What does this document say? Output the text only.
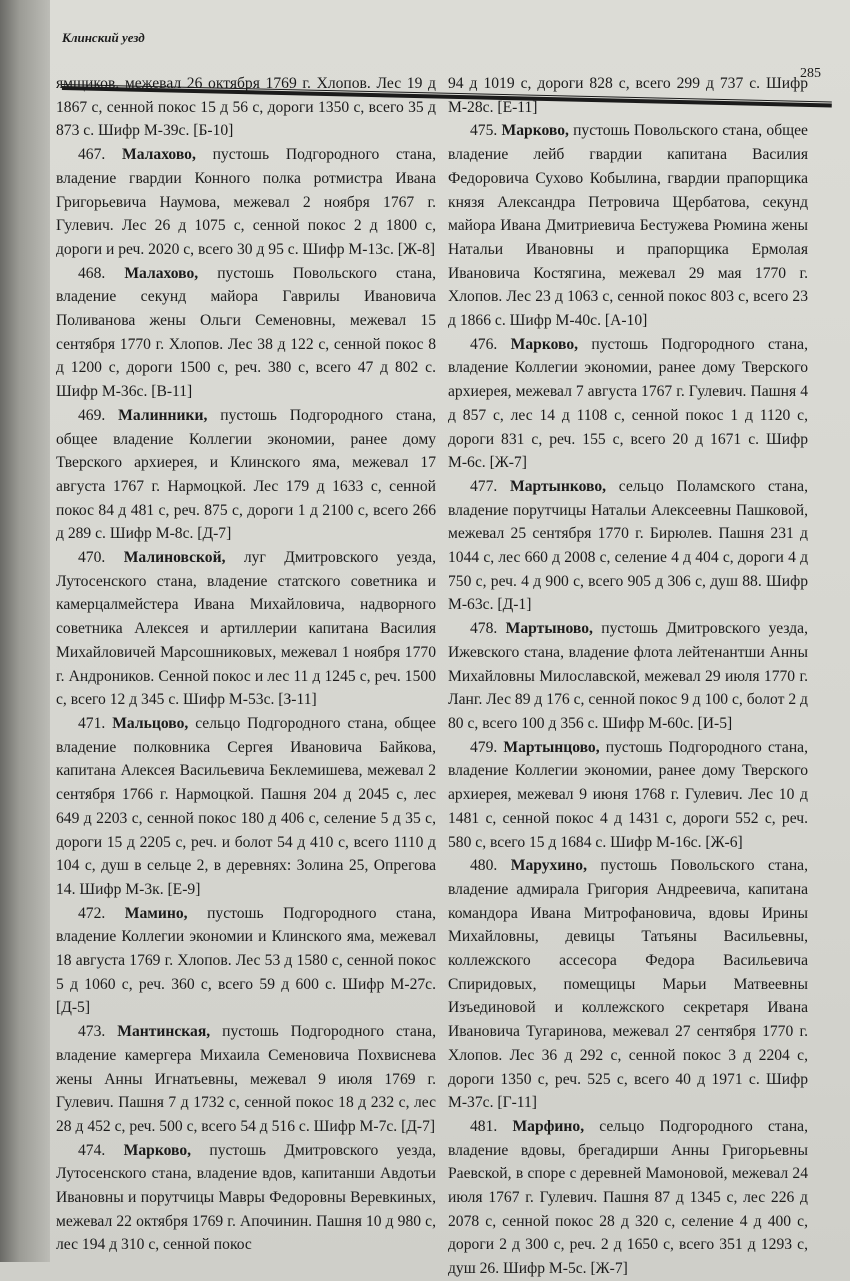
Клинский уезд
285

ямщиков, межевал 26 октября 1769 г. Хлопов. Лес 19 д 1867 с, сенной покос 15 д 56 с, дороги 1350 с, всего 35 д 873 с. Шифр М-39с. [Б-10]

467. Малахово, пустошь Подгородного стана, владение гвардии Конного полка ротмистра Ивана Григорьевича Наумова, межевал 2 ноября 1767 г. Гулевич. Лес 26 д 1075 с, сенной покос 2 д 1800 с, дороги и реч. 2020 с, всего 30 д 95 с. Шифр М-13с. [Ж-8]

468. Малахово, пустошь Повольского стана, владение секунд майора Гаврилы Ивановича Поливанова жены Ольги Семеновны, межевал 15 сентября 1770 г. Хлопов. Лес 38 д 122 с, сенной покос 8 д 1200 с, дороги 1500 с, реч. 380 с, всего 47 д 802 с. Шифр М-36с. [В-11]

469. Малинники, пустошь Подгородного стана, общее владение Коллегии экономии, ранее дому Тверского архиерея, и Клинского яма, межевал 17 августа 1767 г. Нармоцкой. Лес 179 д 1633 с, сенной покос 84 д 481 с, реч. 875 с, дороги 1 д 2100 с, всего 266 д 289 с. Шифр М-8с. [Д-7]

470. Малиновской, луг Дмитровского уезда, Лутосенского стана, владение статского советника и камерцалмейстера Ивана Михайловича, надворного советника Алексея и артиллерии капитана Василия Михайловичей Марсошниковых, межевал 1 ноября 1770 г. Андроников. Сенной покос и лес 11 д 1245 с, реч. 1500 с, всего 12 д 345 с. Шифр М-53с. [З-11]

471. Мальцово, сельцо Подгородного стана, общее владение полковника Сергея Ивановича Байкова, капитана Алексея Васильевича Беклемишева, межевал 2 сентября 1766 г. Нармоцкой. Пашня 204 д 2045 с, лес 649 д 2203 с, сенной покос 180 д 406 с, селение 5 д 35 с, дороги 15 д 2205 с, реч. и болот 54 д 410 с, всего 1110 д 104 с, душ в сельце 2, в деревнях: Золина 25, Опрегова 14. Шифр М-3к. [Е-9]

472. Мамино, пустошь Подгородного стана, владение Коллегии экономии и Клинского яма, межевал 18 августа 1769 г. Хлопов. Лес 53 д 1580 с, сенной покос 5 д 1060 с, реч. 360 с, всего 59 д 600 с. Шифр М-27с. [Д-5]

473. Мантинская, пустошь Подгородного стана, владение камергера Михаила Семеновича Похвиснева жены Анны Игнатьевны, межевал 9 июля 1769 г. Гулевич. Пашня 7 д 1732 с, сенной покос 18 д 232 с, лес 28 д 452 с, реч. 500 с, всего 54 д 516 с. Шифр М-7с. [Д-7]

474. Марково, пустошь Дмитровского уезда, Лутосенского стана, владение вдов, капитанши Авдотьи Ивановны и порутчицы Мавры Федоровны Веревкиных, межевал 22 октября 1769 г. Апочинин. Пашня 10 д 980 с, лес 194 д 310 с, сенной покос

94 д 1019 с, дороги 828 с, всего 299 д 737 с. Шифр М-28с. [Е-11]

475. Марково, пустошь Повольского стана, общее владение лейб гвардии капитана Василия Федоровича Сухово Кобылина, гвардии прапорщика князя Александра Петровича Щербатова, секунд майора Ивана Дмитриевича Бестужева Рюмина жены Натальи Ивановны и прапорщика Ермолая Ивановича Костягина, межевал 29 мая 1770 г. Хлопов. Лес 23 д 1063 с, сенной покос 803 с, всего 23 д 1866 с. Шифр М-40с. [А-10]

476. Марково, пустошь Подгородного стана, владение Коллегии экономии, ранее дому Тверского архиерея, межевал 7 августа 1767 г. Гулевич. Пашня 4 д 857 с, лес 14 д 1108 с, сенной покос 1 д 1120 с, дороги 831 с, реч. 155 с, всего 20 д 1671 с. Шифр М-6с. [Ж-7]

477. Мартынково, сельцо Поламского стана, владение порутчицы Натальи Алексеевны Пашковой, межевал 25 сентября 1770 г. Бирюлев. Пашня 231 д 1044 с, лес 660 д 2008 с, селение 4 д 404 с, дороги 4 д 750 с, реч. 4 д 900 с, всего 905 д 306 с, душ 88. Шифр М-63с. [Д-1]

478. Мартыново, пустошь Дмитровского уезда, Ижевского стана, владение флота лейтенантши Анны Михайловны Милославской, межевал 29 июля 1770 г. Ланг. Лес 89 д 176 с, сенной покос 9 д 100 с, болот 2 д 80 с, всего 100 д 356 с. Шифр М-60с. [И-5]

479. Мартынцово, пустошь Подгородного стана, владение Коллегии экономии, ранее дому Тверского архиерея, межевал 9 июня 1768 г. Гулевич. Лес 10 д 1481 с, сенной покос 4 д 1431 с, дороги 552 с, реч. 580 с, всего 15 д 1684 с. Шифр М-16с. [Ж-6]

480. Марухино, пустошь Повольского стана, владение адмирала Григория Андреевича, капитана командора Ивана Митрофановича, вдовы Ирины Михайловны, девицы Татьяны Васильевны, коллежского ассесора Федора Васильевича Спиридовых, помещицы Марьи Матвеевны Изъединовой и коллежского секретаря Ивана Ивановича Тугаринова, межевал 27 сентября 1770 г. Хлопов. Лес 36 д 292 с, сенной покос 3 д 2204 с, дороги 1350 с, реч. 525 с, всего 40 д 1971 с. Шифр М-37с. [Г-11]

481. Марфино, сельцо Подгородного стана, владение вдовы, брегадирши Анны Григорьевны Раевской, в споре с деревней Мамоновой, межевал 24 июля 1767 г. Гулевич. Пашня 87 д 1345 с, лес 226 д 2078 с, сенной покос 28 д 320 с, селение 4 д 400 с, дороги 2 д 300 с, реч. 2 д 1650 с, всего 351 д 1293 с, душ 26. Шифр М-5с. [Ж-7]
